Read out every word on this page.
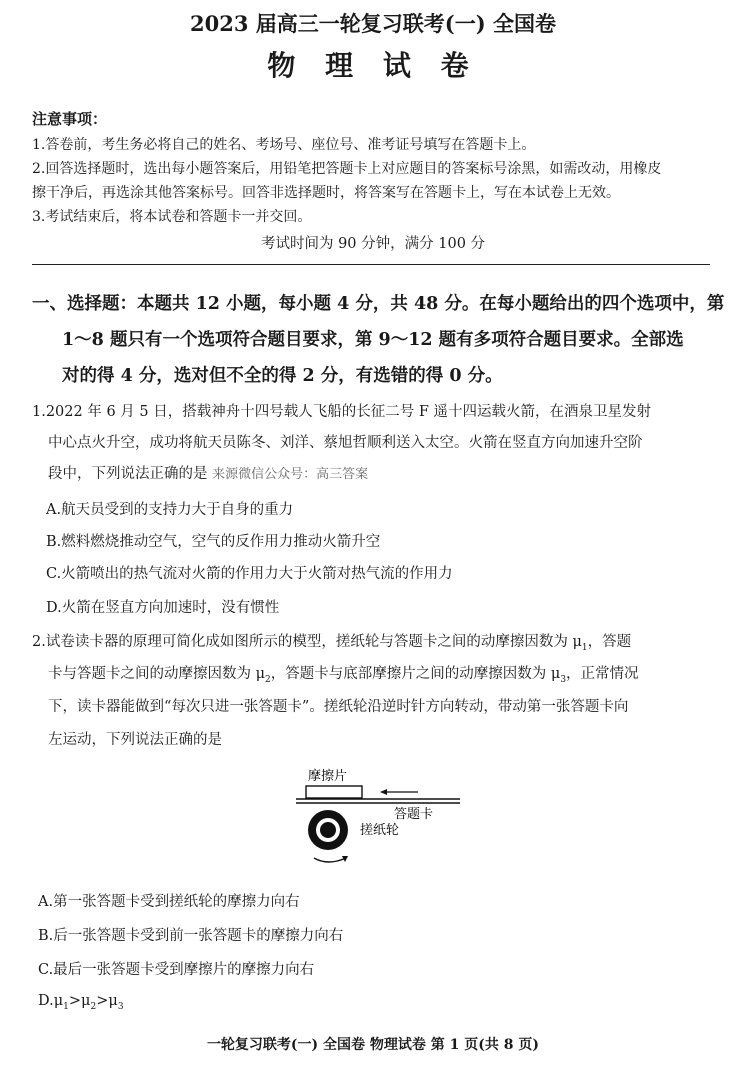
2023 届高三一轮复习联考(一) 全国卷
物 理 试 卷
注意事项：
1.答卷前，考生务必将自己的姓名、考场号、座位号、准考证号填写在答题卡上。
2.回答选择题时，选出每小题答案后，用铅笔把答题卡上对应题目的答案标号涂黑，如需改动，用橡皮
擦干净后，再选涂其他答案标号。回答非选择题时，将答案写在答题卡上，写在本试卷上无效。
3.考试结束后，将本试卷和答题卡一并交回。
考试时间为 90 分钟，满分 100 分
一、选择题：本题共 12 小题，每小题 4 分，共 48 分。在每小题给出的四个选项中，第
1～8 题只有一个选项符合题目要求，第 9～12 题有多项符合题目要求。全部选
对的得 4 分，选对但不全的得 2 分，有选错的得 0 分。
1.2022 年 6 月 5 日，搭载神舟十四号载人飞船的长征二号 F 遥十四运载火箭，在酒泉卫星发射
中心点火升空，成功将航天员陈冬、刘洋、蔡旭哲顺利送入太空。火箭在竖直方向加速升空阶
段中，下列说法正确的是 来源微信公众号：高三答案
A.航天员受到的支持力大于自身的重力
B.燃料燃烧推动空气，空气的反作用力推动火箭升空
C.火箭喷出的热气流对火箭的作用力大于火箭对热气流的作用力
D.火箭在竖直方向加速时，没有惯性
2.试卷读卡器的原理可简化成如图所示的模型，搓纸轮与答题卡之间的动摩擦因数为 $\mu_1$，答题
卡与答题卡之间的动摩擦因数为 $\mu_2$，答题卡与底部摩擦片之间的动摩擦因数为 $\mu_3$，正常情况
下，读卡器能做到“每次只进一张答题卡”。搓纸轮沿逆时针方向转动，带动第一张答题卡向
左运动，下列说法正确的是
摩擦片
答题卡
搓纸轮
A.第一张答题卡受到搓纸轮的摩擦力向右
B.后一张答题卡受到前一张答题卡的摩擦力向右
C.最后一张答题卡受到摩擦片的摩擦力向右
$D.\mu_1>\mu_2>\mu_3$
一轮复习联考(一) 全国卷 物理试卷 第 1 页(共 8 页)
